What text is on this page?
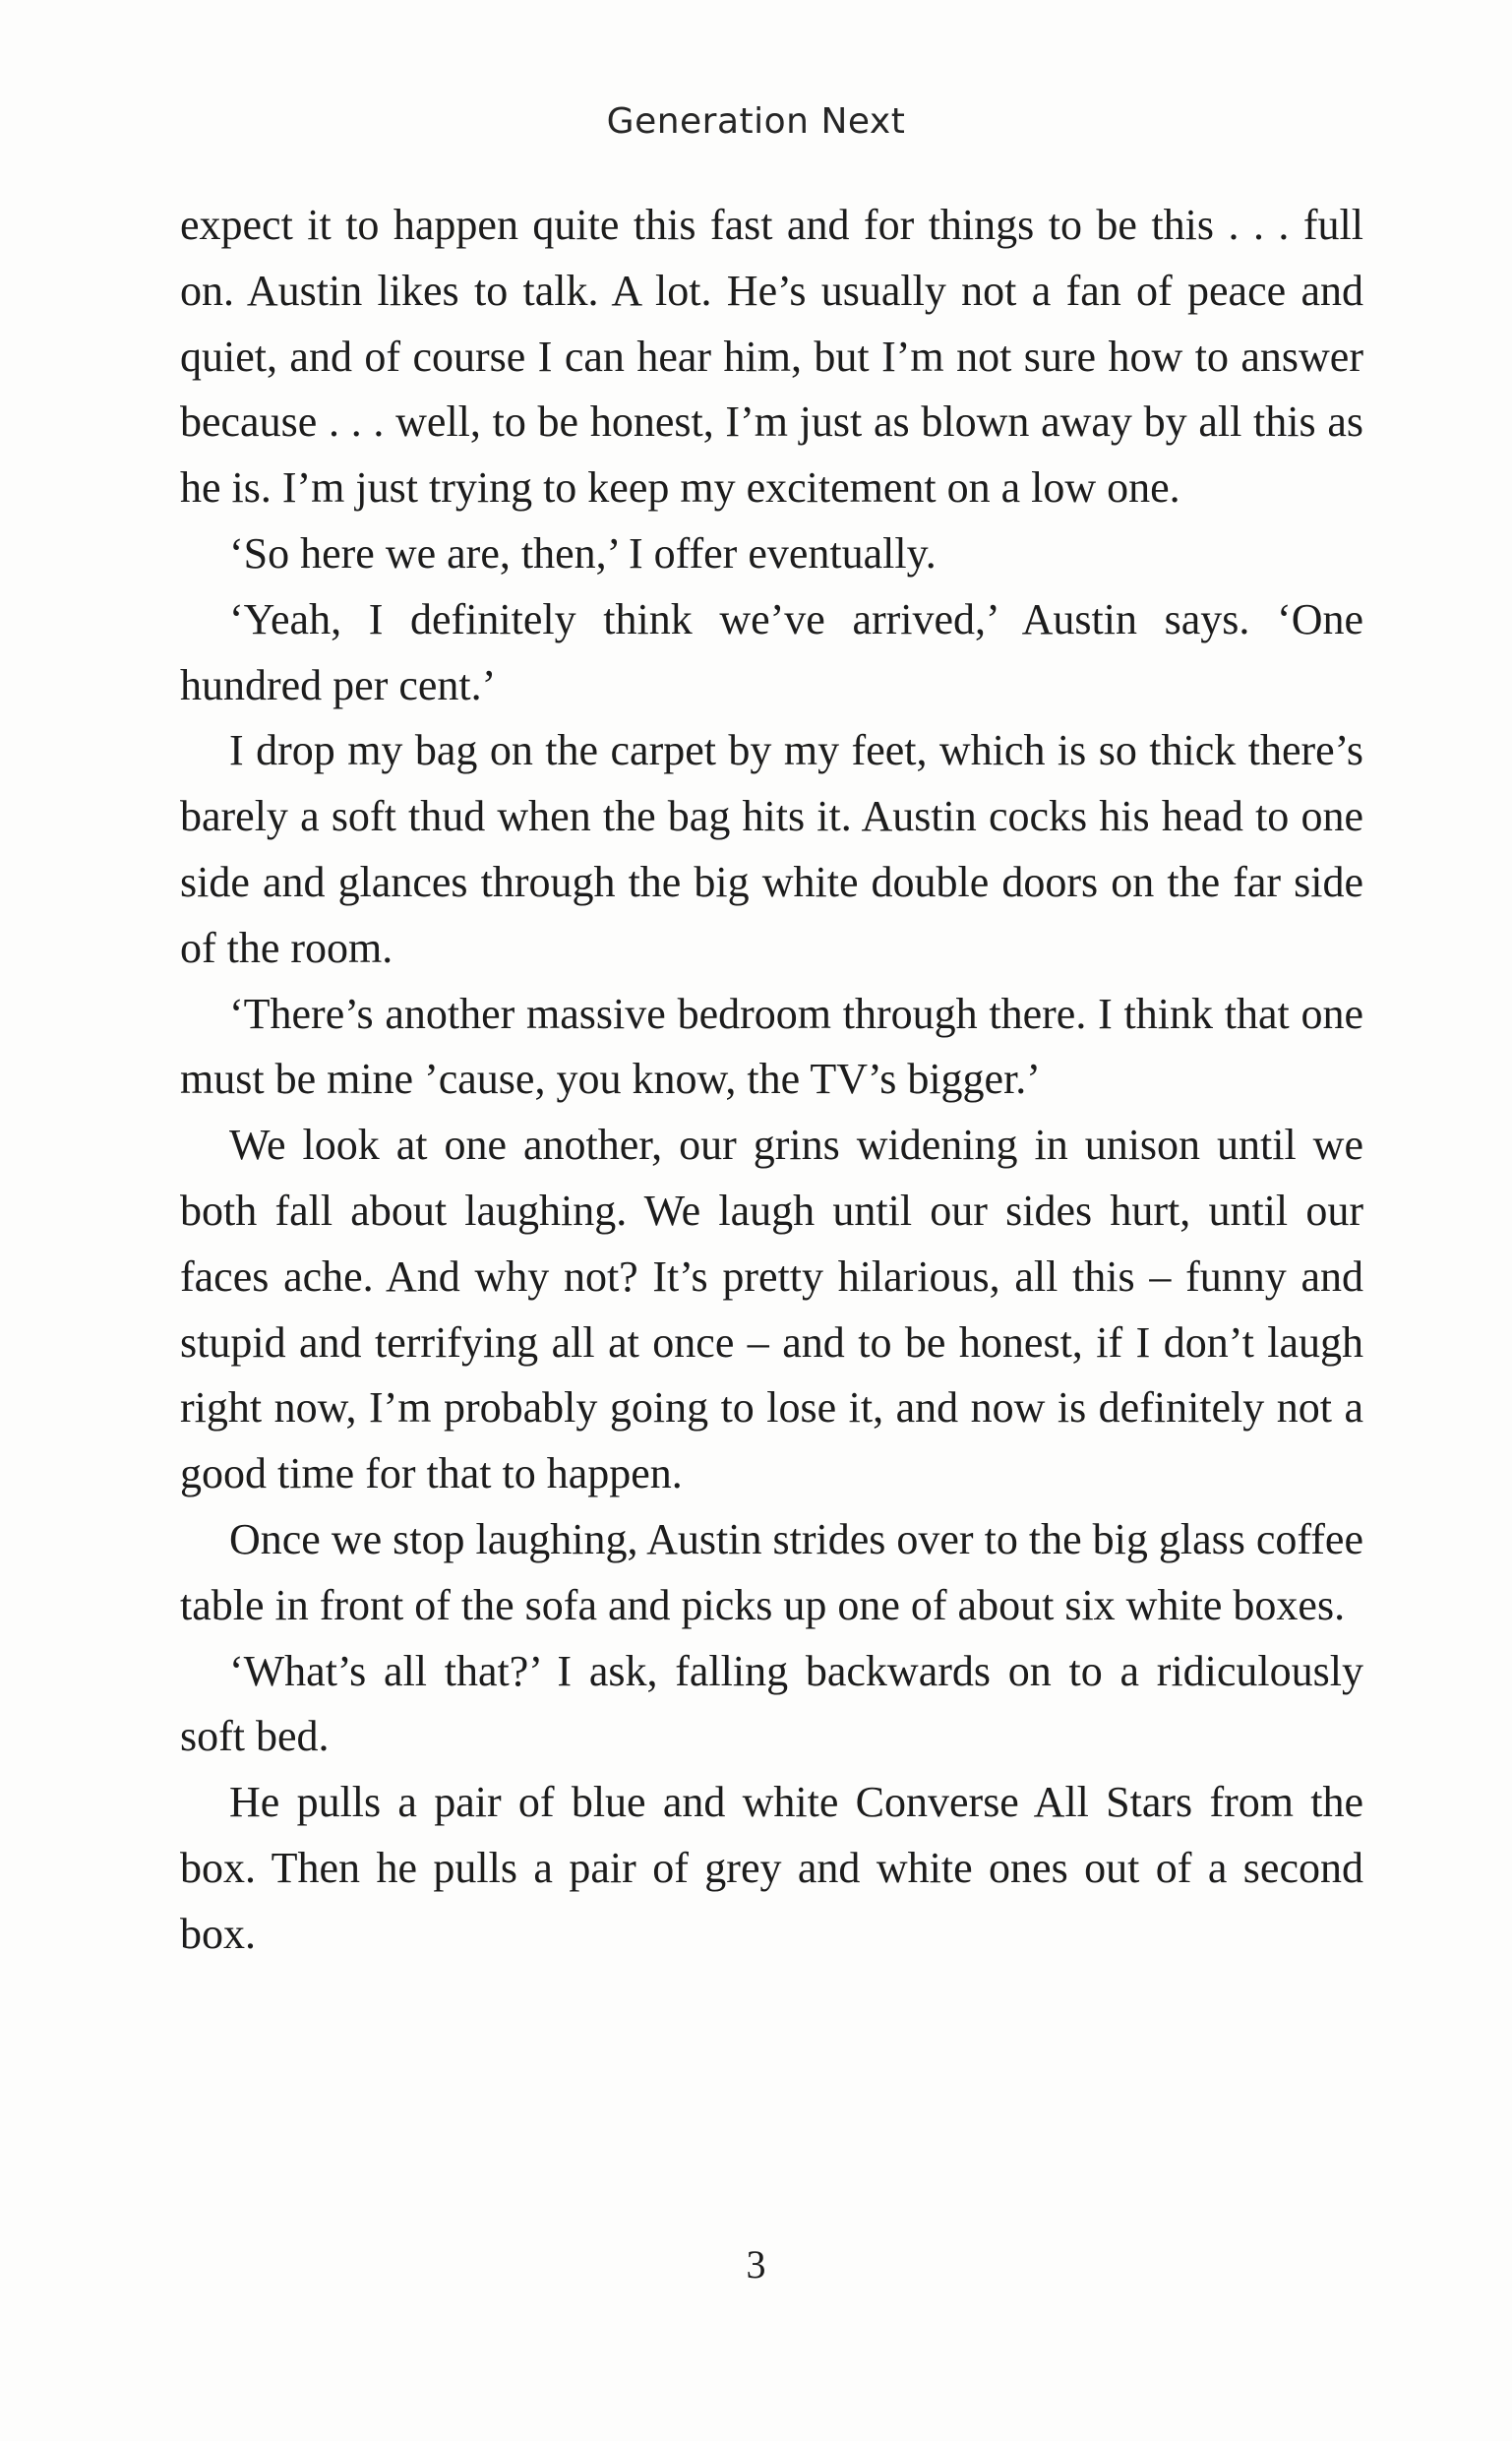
Generation Next

expect it to happen quite this fast and for things to be this . . . full on. Austin likes to talk. A lot. He’s usually not a fan of peace and quiet, and of course I can hear him, but I’m not sure how to answer because . . . well, to be honest, I’m just as blown away by all this as he is. I’m just trying to keep my excitement on a low one.

‘So here we are, then,’ I offer eventually.

‘Yeah, I definitely think we’ve arrived,’ Austin says. ‘One hundred per cent.’

I drop my bag on the carpet by my feet, which is so thick there’s barely a soft thud when the bag hits it. Austin cocks his head to one side and glances through the big white double doors on the far side of the room.

‘There’s another massive bedroom through there. I think that one must be mine ’cause, you know, the TV’s bigger.’

We look at one another, our grins widening in unison until we both fall about laughing. We laugh until our sides hurt, until our faces ache. And why not? It’s pretty hilarious, all this – funny and stupid and terrifying all at once – and to be honest, if I don’t laugh right now, I’m probably going to lose it, and now is definitely not a good time for that to happen.

Once we stop laughing, Austin strides over to the big glass coffee table in front of the sofa and picks up one of about six white boxes.

‘What’s all that?’ I ask, falling backwards on to a ridiculously soft bed.

He pulls a pair of blue and white Converse All Stars from the box. Then he pulls a pair of grey and white ones out of a second box.

3
